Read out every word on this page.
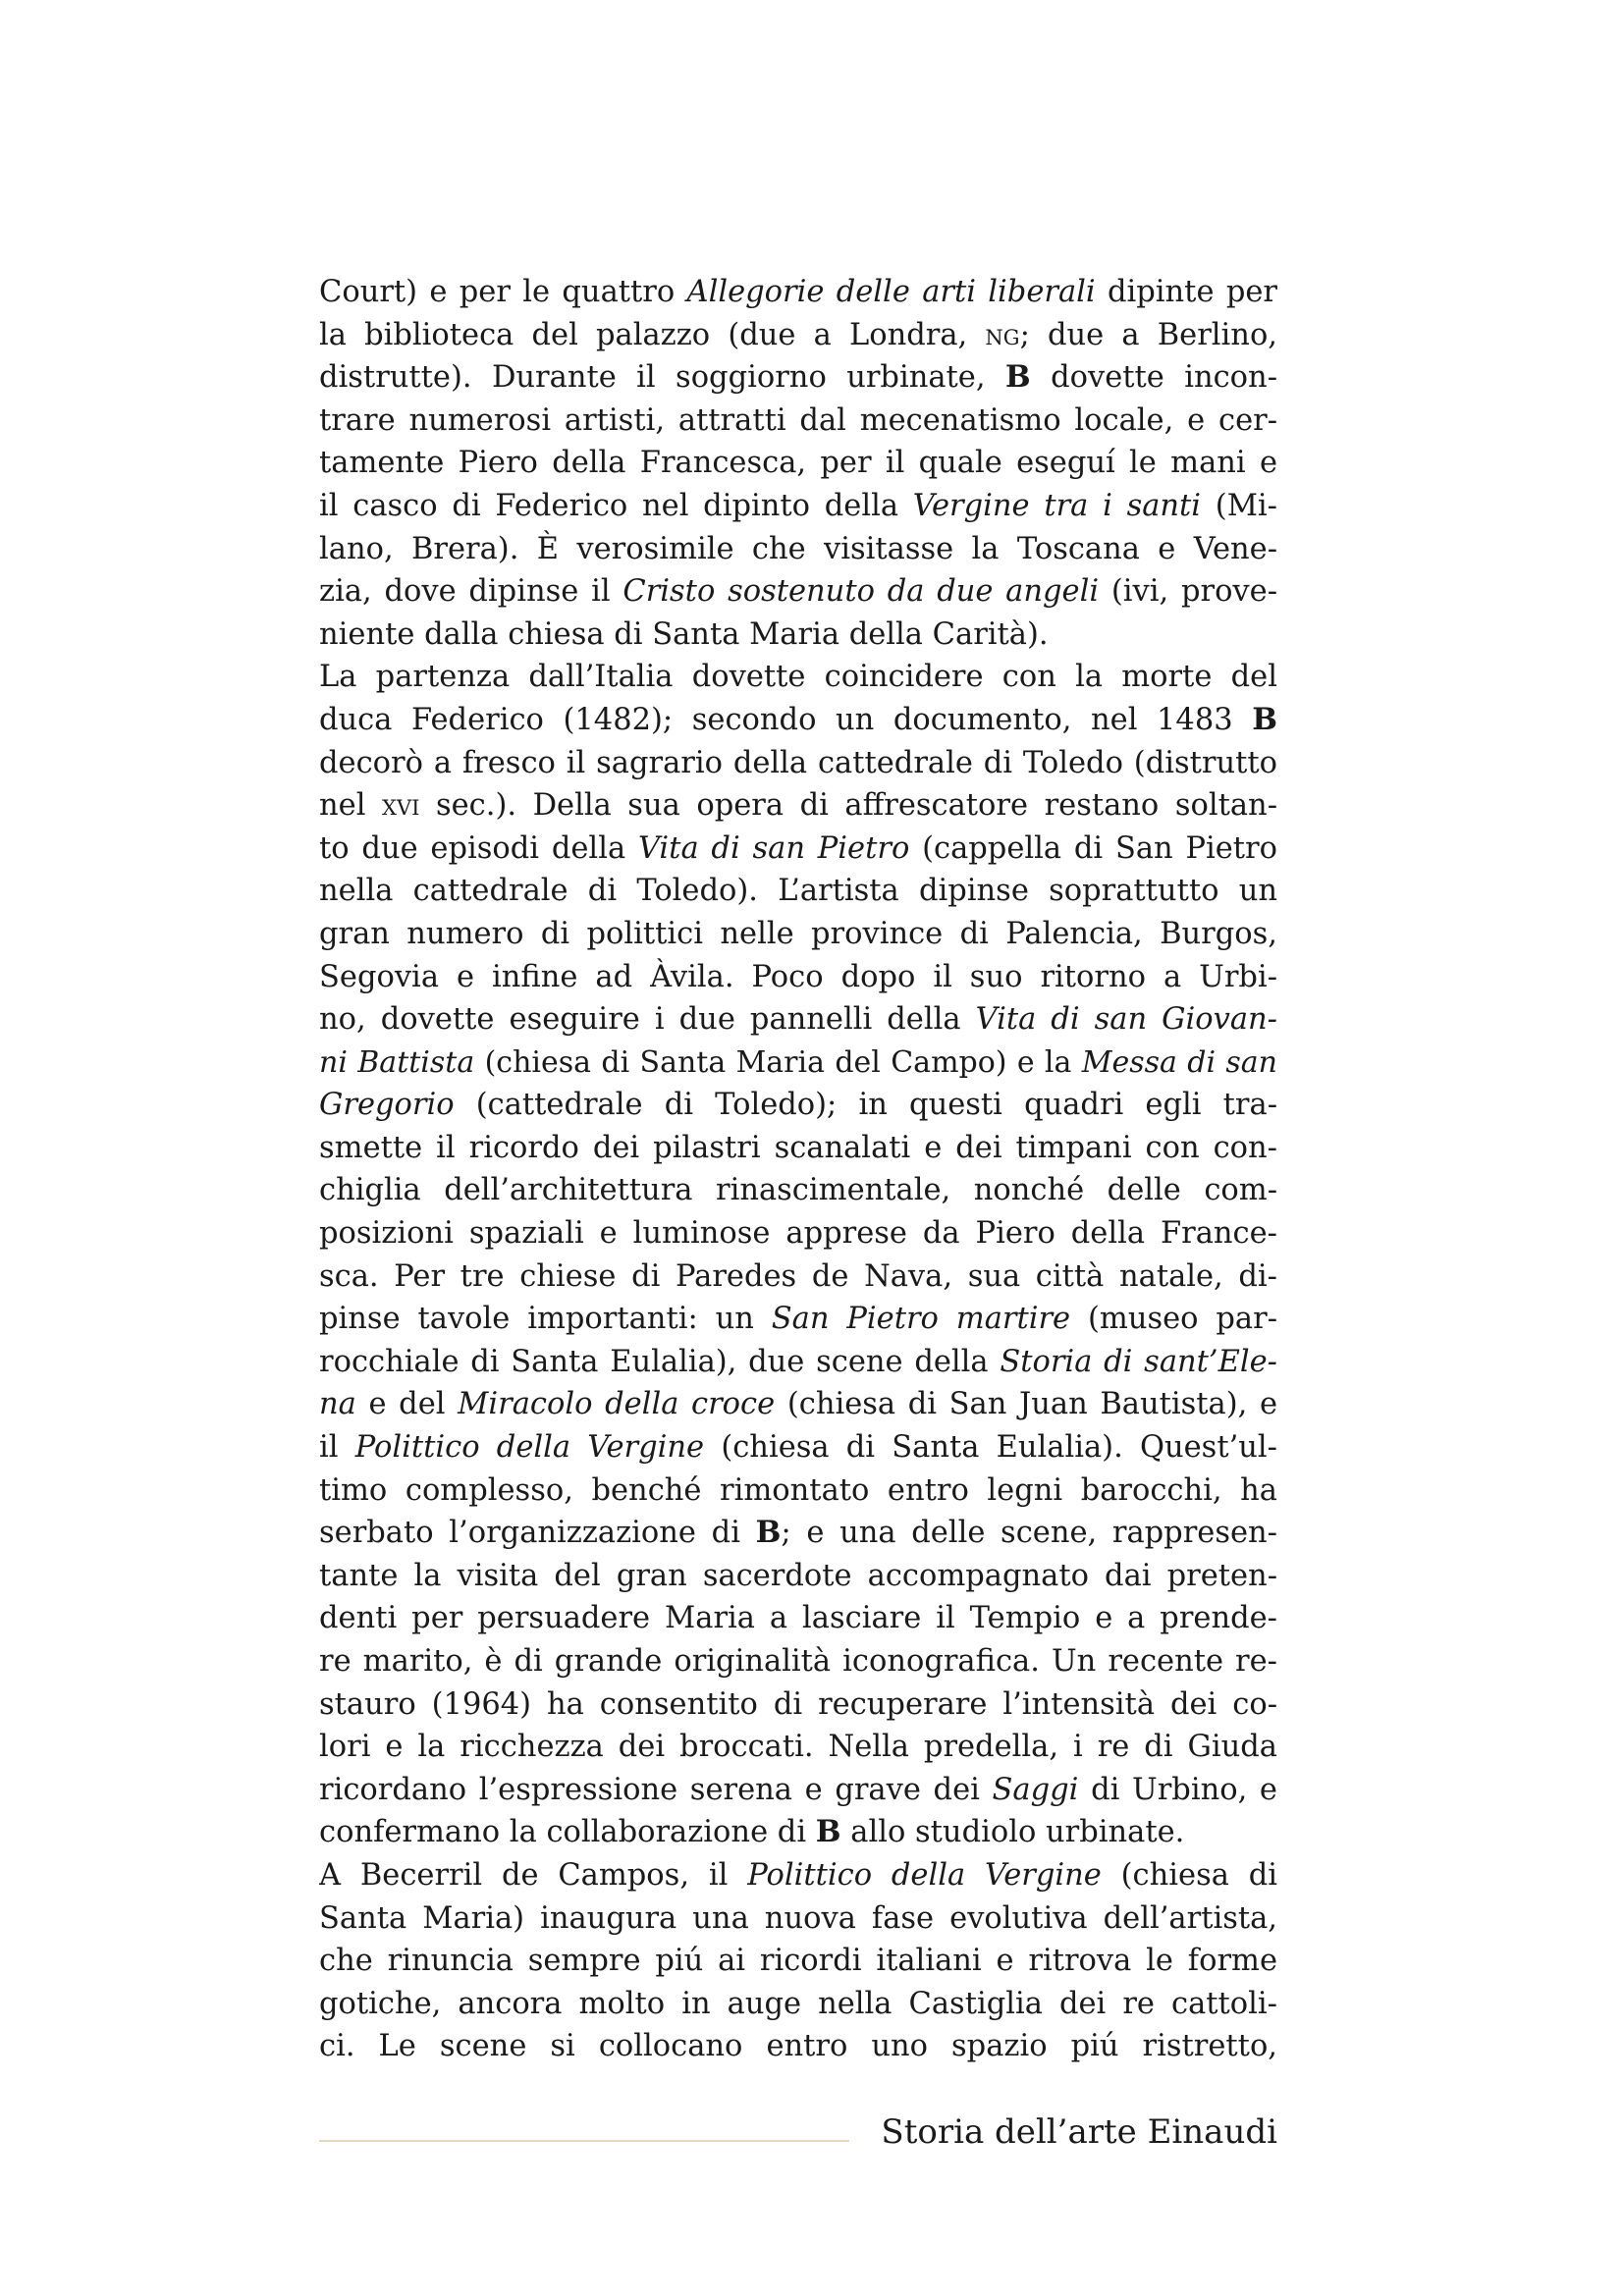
Court) e per le quattro Allegorie delle arti liberali dipinte per
la biblioteca del palazzo (due a Londra, ng; due a Berlino,
distrutte). Durante il soggiorno urbinate, B dovette incon-
trare numerosi artisti, attratti dal mecenatismo locale, e cer-
tamente Piero della Francesca, per il quale eseguí le mani e
il casco di Federico nel dipinto della Vergine tra i santi (Mi-
lano, Brera). È verosimile che visitasse la Toscana e Vene-
zia, dove dipinse il Cristo sostenuto da due angeli (ivi, prove-
niente dalla chiesa di Santa Maria della Carità).
La partenza dall’Italia dovette coincidere con la morte del
duca Federico (1482); secondo un documento, nel 1483 B
decorò a fresco il sagrario della cattedrale di Toledo (distrutto
nel xvi sec.). Della sua opera di affrescatore restano soltan-
to due episodi della Vita di san Pietro (cappella di San Pietro
nella cattedrale di Toledo). L’artista dipinse soprattutto un
gran numero di polittici nelle province di Palencia, Burgos,
Segovia e infine ad Àvila. Poco dopo il suo ritorno a Urbi-
no, dovette eseguire i due pannelli della Vita di san Giovan-
ni Battista (chiesa di Santa Maria del Campo) e la Messa di san
Gregorio (cattedrale di Toledo); in questi quadri egli tra-
smette il ricordo dei pilastri scanalati e dei timpani con con-
chiglia dell’architettura rinascimentale, nonché delle com-
posizioni spaziali e luminose apprese da Piero della France-
sca. Per tre chiese di Paredes de Nava, sua città natale, di-
pinse tavole importanti: un San Pietro martire (museo par-
rocchiale di Santa Eulalia), due scene della Storia di sant’Ele-
na e del Miracolo della croce (chiesa di San Juan Bautista), e
il Polittico della Vergine (chiesa di Santa Eulalia). Quest’ul-
timo complesso, benché rimontato entro legni barocchi, ha
serbato l’organizzazione di B; e una delle scene, rappresen-
tante la visita del gran sacerdote accompagnato dai preten-
denti per persuadere Maria a lasciare il Tempio e a prende-
re marito, è di grande originalità iconografica. Un recente re-
stauro (1964) ha consentito di recuperare l’intensità dei co-
lori e la ricchezza dei broccati. Nella predella, i re di Giuda
ricordano l’espressione serena e grave dei Saggi di Urbino, e
confermano la collaborazione di B allo studiolo urbinate.
A Becerril de Campos, il Polittico della Vergine (chiesa di
Santa Maria) inaugura una nuova fase evolutiva dell’artista,
che rinuncia sempre piú ai ricordi italiani e ritrova le forme
gotiche, ancora molto in auge nella Castiglia dei re cattoli-
ci. Le scene si collocano entro uno spazio piú ristretto,
Storia dell’arte Einaudi
